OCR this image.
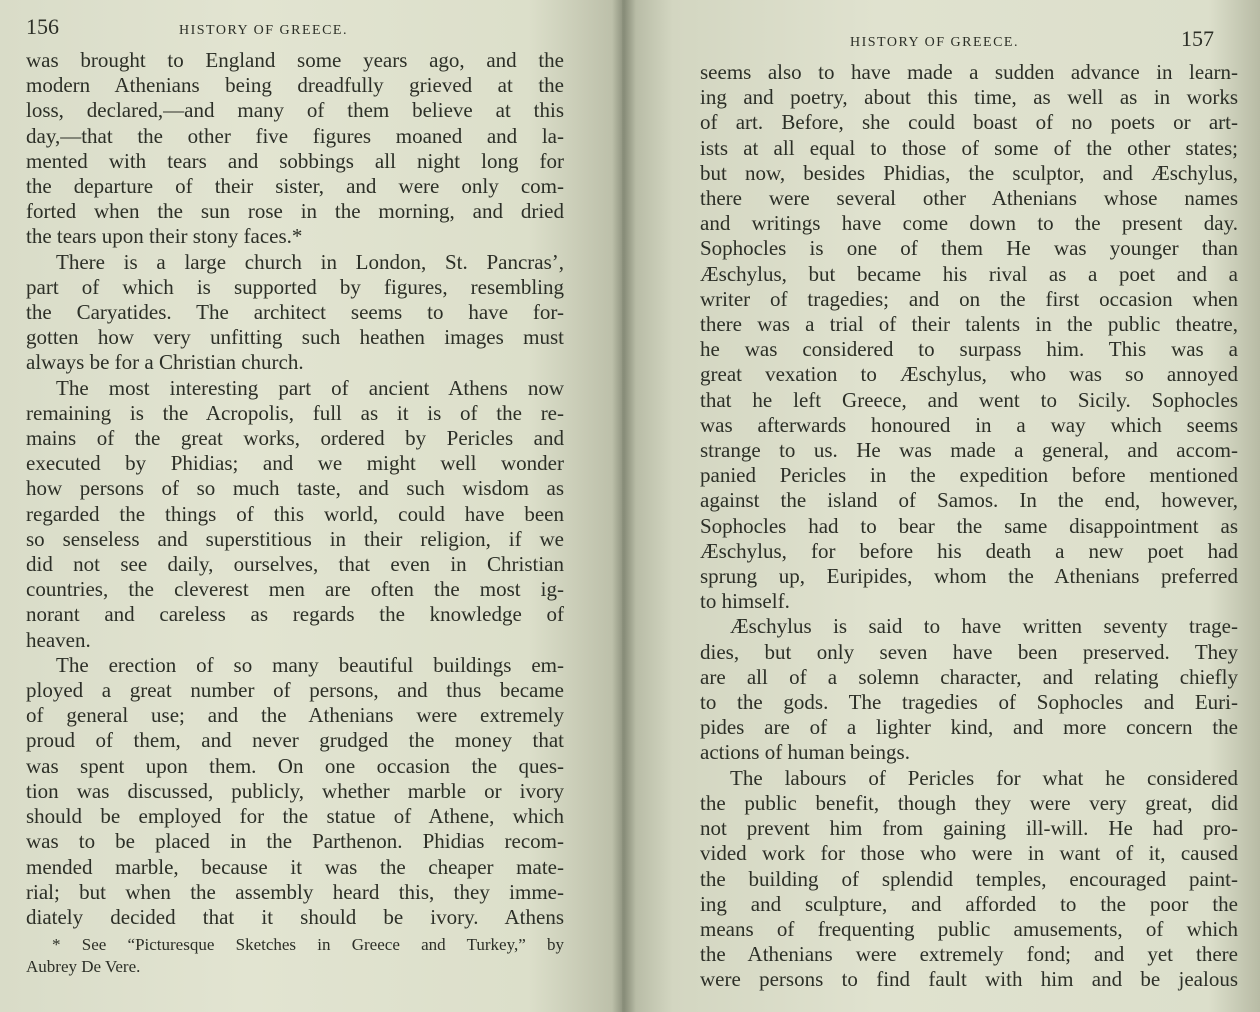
156	HISTORY OF GREECE.
was brought to England some years ago, and the
modern Athenians being dreadfully grieved at the
loss, declared,—and many of them believe at this
day,—that the other five figures moaned and la-
mented with tears and sobbings all night long for
the departure of their sister, and were only com-
forted when the sun rose in the morning, and dried
the tears upon their stony faces.*
There is a large church in London, St. Pancras’,
part of which is supported by figures, resembling
the Caryatides. The architect seems to have for-
gotten how very unfitting such heathen images must
always be for a Christian church.
The most interesting part of ancient Athens now
remaining is the Acropolis, full as it is of the re-
mains of the great works, ordered by Pericles and
executed by Phidias; and we might well wonder
how persons of so much taste, and such wisdom as
regarded the things of this world, could have been
so senseless and superstitious in their religion, if we
did not see daily, ourselves, that even in Christian
countries, the cleverest men are often the most ig-
norant and careless as regards the knowledge of
heaven.
The erection of so many beautiful buildings em-
ployed a great number of persons, and thus became
of general use; and the Athenians were extremely
proud of them, and never grudged the money that
was spent upon them. On one occasion the ques-
tion was discussed, publicly, whether marble or ivory
should be employed for the statue of Athene, which
was to be placed in the Parthenon. Phidias recom-
mended marble, because it was the cheaper mate-
rial; but when the assembly heard this, they imme-
diately decided that it should be ivory. Athens
* See “Picturesque Sketches in Greece and Turkey,” by
Aubrey De Vere.
HISTORY OF GREECE.	157
seems also to have made a sudden advance in learn-
ing and poetry, about this time, as well as in works
of art. Before, she could boast of no poets or art-
ists at all equal to those of some of the other states;
but now, besides Phidias, the sculptor, and Æschylus,
there were several other Athenians whose names
and writings have come down to the present day.
Sophocles is one of them He was younger than
Æschylus, but became his rival as a poet and a
writer of tragedies; and on the first occasion when
there was a trial of their talents in the public theatre,
he was considered to surpass him. This was a
great vexation to Æschylus, who was so annoyed
that he left Greece, and went to Sicily. Sophocles
was afterwards honoured in a way which seems
strange to us. He was made a general, and accom-
panied Pericles in the expedition before mentioned
against the island of Samos. In the end, however,
Sophocles had to bear the same disappointment as
Æschylus, for before his death a new poet had
sprung up, Euripides, whom the Athenians preferred
to himself.
Æschylus is said to have written seventy trage-
dies, but only seven have been preserved. They
are all of a solemn character, and relating chiefly
to the gods. The tragedies of Sophocles and Euri-
pides are of a lighter kind, and more concern the
actions of human beings.
The labours of Pericles for what he considered
the public benefit, though they were very great, did
not prevent him from gaining ill-will. He had pro-
vided work for those who were in want of it, caused
the building of splendid temples, encouraged paint-
ing and sculpture, and afforded to the poor the
means of frequenting public amusements, of which
the Athenians were extremely fond; and yet there
were persons to find fault with him and be jealous
